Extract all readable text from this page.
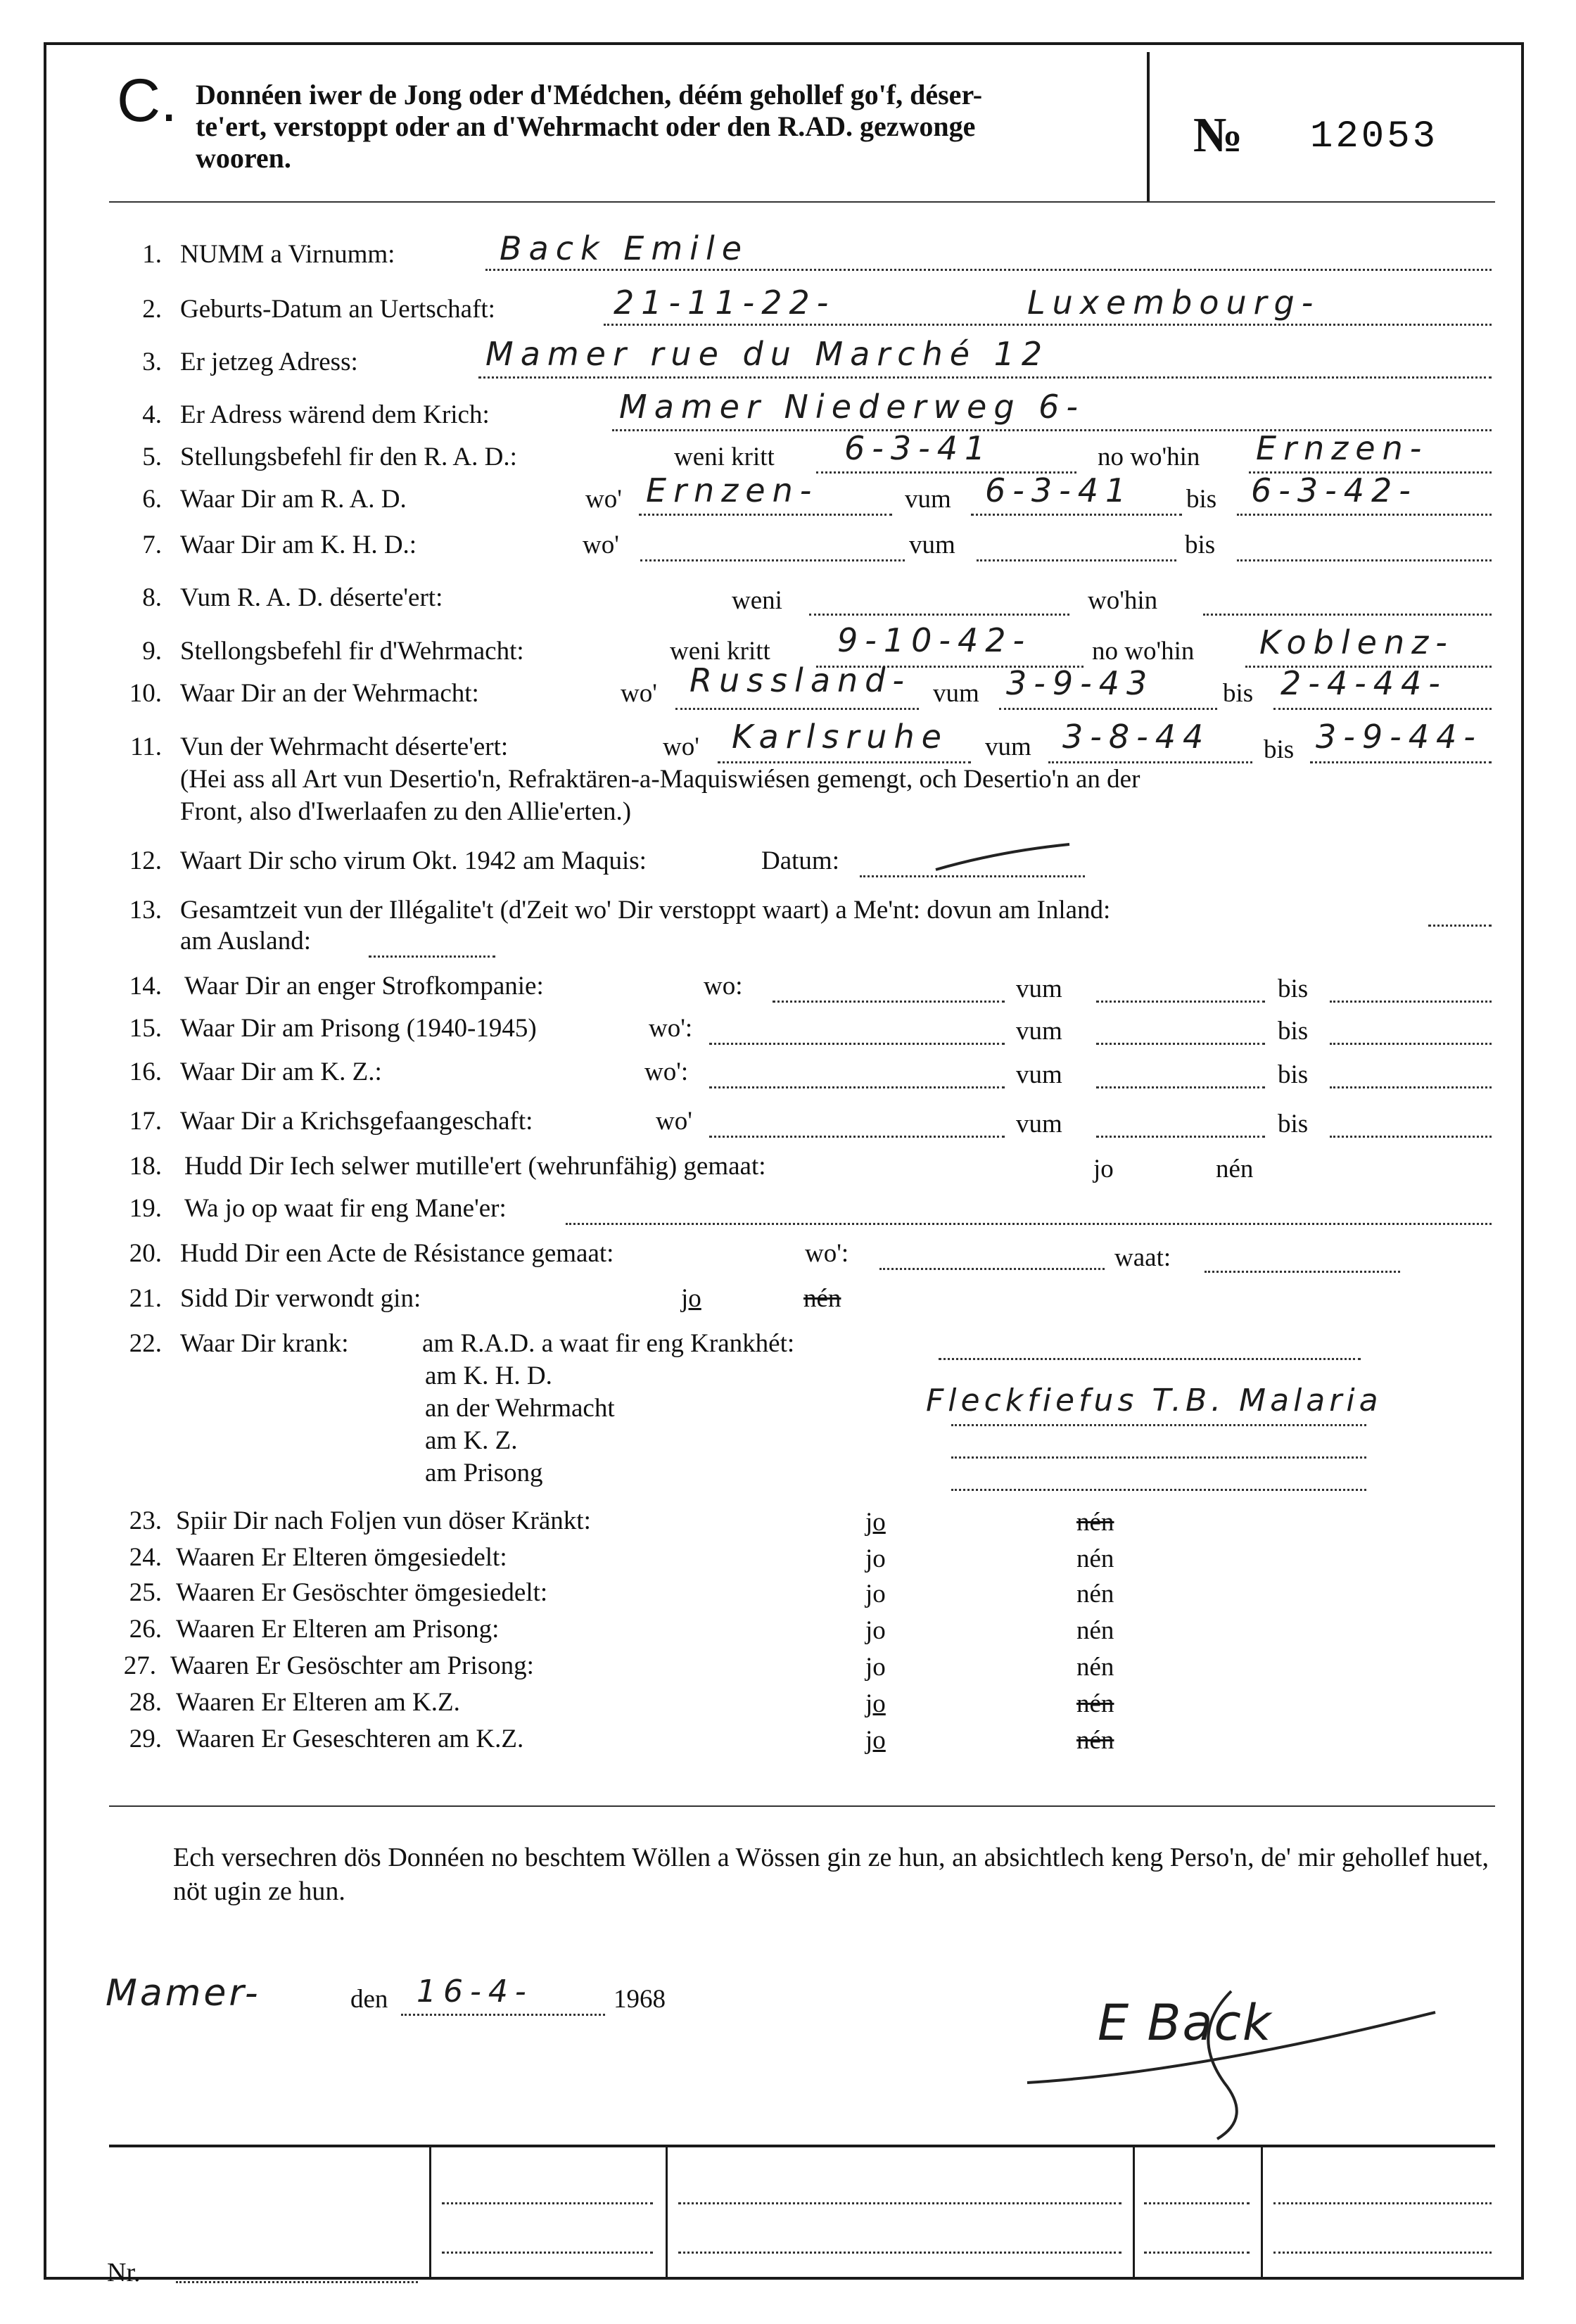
C. Donnéen iwer de Jong oder d'Médchen, déém gehollef go'f, déser-
te'ert, verstoppt oder an d'Wehrmacht oder den R.AD. gezwonge
wooren.	№ 12053
1. NUMM a Virnumm:	Back Emile
2. Geburts-Datum an Uertschaft:	21-11-22-	Luxembourg-
3. Er jetzeg Adress:	Mamer rue du Marché 12
4. Er Adress wärend dem Krich:	Mamer Niederweg 6-
5. Stellungsbefehl fir den R. A. D.:	weni kritt 6-3-41	no wo'hin Ernzen-
6. Waar Dir am R. A. D.	wo' Ernzen-	vum 6-3-41 bis 6-3-42-
7. Waar Dir am K. H. D.:	wo'	vum	bis
8. Vum R. A. D. déserte'ert:	weni	wo'hin
9. Stellongsbefehl fir d'Wehrmacht:	weni kritt 9-10-42- no wo'hin Koblenz-
10. Waar Dir an der Wehrmacht:	wo' Russland- vum 3-9-43	bis 2-4-44-
11. Vun der Wehrmacht déserte'ert:	wo' Karlsruhe vum 3-8-44 bis 3-9-44-
(Hei ass all Art vun Desertio'n, Refraktären-a-Maquiswiésen gemengt, och Desertio'n an der
Front, also d'Iwerlaafen zu den Allie'erten.)
12. Waart Dir scho virum Okt. 1942 am Maquis:	Datum:
13. Gesamtzeit vun der Illégalite't (d'Zeit wo' Dir verstoppt waart) a Me'nt: dovun am Inland:
am Ausland:
14. Waar Dir an enger Strofkompanie:	wo:	vum	bis
15. Waar Dir am Prisong (1940-1945)	wo':	vum	bis
16. Waar Dir am K. Z.:	wo':	vum	bis
17. Waar Dir a Krichsgefaangeschaft:	wo'	vum	bis
18. Hudd Dir Iech selwer mutille'ert (wehrunfähig) gemaat:	jo	nén
19. Wa jo op waat fir eng Mane'er:
20. Hudd Dir een Acte de Résistance gemaat:	wo':	waat:
21. Sidd Dir verwondt gin:	jo	nén
22. Waar Dir krank:	am R.A.D. a waat fir eng Krankhét:
am K. H. D.
an der Wehrmacht
am K. Z.
am Prisong
Fleckfiefus T.B. Malaria
23. Spiir Dir nach Foljen vun döser Kränkt:	jo	nén
24. Waaren Er Elteren ömgesiedelt:	jo	nén
25. Waaren Er Gesöschter ömgesiedelt:	jo	nén
26. Waaren Er Elteren am Prisong:	jo	nén
27. Waaren Er Gesöschter am Prisong:	jo	nén
28. Waaren Er Elteren am K.Z.	jo	nén
29. Waaren Er Geseschteren am K.Z.	jo	nén
Ech versechren dös Donnéen no beschtem Wöllen a Wössen gin ze hun, an absichtlech keng Perso'n, de' mir gehollef huet, nöt ugin ze hun.
Mamer-	den 16-4-	1968	E Back
Nr.
